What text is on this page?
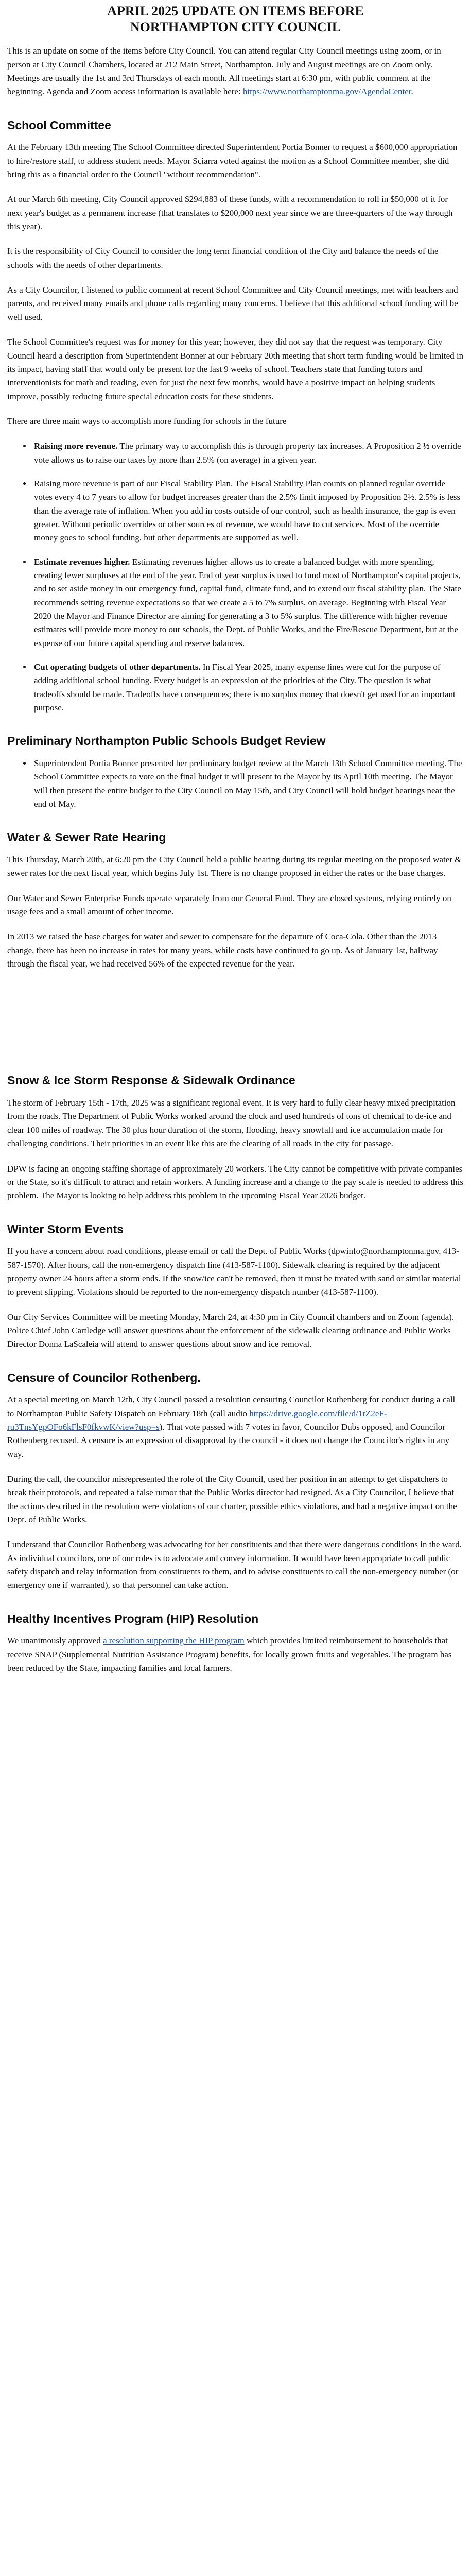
APRIL 2025 UPDATE ON ITEMS BEFORE
NORTHAMPTON CITY COUNCIL

This is an update on some of the items before City Council. You can attend regular City Council meetings using zoom, or in person at City Council Chambers, located at 212 Main Street, Northampton. July and August meetings are on Zoom only. Meetings are usually the 1st and 3rd Thursdays of each month. All meetings start at 6:30 pm, with public comment at the beginning. Agenda and Zoom access information is available here: https://www.northamptonma.gov/AgendaCenter.

School Committee

At the February 13th meeting The School Committee directed Superintendent Portia Bonner to request a $600,000 appropriation to hire/restore staff, to address student needs. Mayor Sciarra voted against the motion as a School Committee member, she did bring this as a financial order to the Council "without recommendation".

At our March 6th meeting, City Council approved $294,883 of these funds, with a recommendation to roll in $50,000 of it for next year's budget as a permanent increase (that translates to $200,000 next year since we are three-quarters of the way through this year).

It is the responsibility of City Council to consider the long term financial condition of the City and balance the needs of the schools with the needs of other departments.

As a City Councilor, I listened to public comment at recent School Committee and City Council meetings, met with teachers and parents, and received many emails and phone calls regarding many concerns. I believe that this additional school funding will be well used.

The School Committee's request was for money for this year; however, they did not say that the request was temporary. City Council heard a description from Superintendent Bonner at our February 20th meeting that short term funding would be limited in its impact, having staff that would only be present for the last 9 weeks of school. Teachers state that funding tutors and interventionists for math and reading, even for just the next few months, would have a positive impact on helping students improve, possibly reducing future special education costs for these students.

There are three main ways to accomplish more funding for schools in the future

• Raising more revenue. The primary way to accomplish this is through property tax increases. A Proposition 2 ½ override vote allows us to raise our taxes by more than 2.5% (on average) in a given year.
• Raising more revenue is part of our Fiscal Stability Plan. The Fiscal Stability Plan counts on planned regular override votes every 4 to 7 years to allow for budget increases greater than the 2.5% limit imposed by Proposition 2½. 2.5% is less than the average rate of inflation. When you add in costs outside of our control, such as health insurance, the gap is even greater. Without periodic overrides or other sources of revenue, we would have to cut services. Most of the override money goes to school funding, but other departments are supported as well.
• Estimate revenues higher. Estimating revenues higher allows us to create a balanced budget with more spending, creating fewer surpluses at the end of the year. End of year surplus is used to fund most of Northampton's capital projects, and to set aside money in our emergency fund, capital fund, climate fund, and to extend our fiscal stability plan. The State recommends setting revenue expectations so that we create a 5 to 7% surplus, on average. Beginning with Fiscal Year 2020 the Mayor and Finance Director are aiming for generating a 3 to 5% surplus. The difference with higher revenue estimates will provide more money to our schools, the Dept. of Public Works, and the Fire/Rescue Department, but at the expense of our future capital spending and reserve balances.
• Cut operating budgets of other departments. In Fiscal Year 2025, many expense lines were cut for the purpose of adding additional school funding. Every budget is an expression of the priorities of the City. The question is what tradeoffs should be made. Tradeoffs have consequences; there is no surplus money that doesn't get used for an important purpose.
Preliminary Northampton Public Schools Budget Review
• Superintendent Portia Bonner presented her preliminary budget review at the March 13th School Committee meeting. The School Committee expects to vote on the final budget it will present to the Mayor by its April 10th meeting. The Mayor will then present the entire budget to the City Council on May 15th, and City Council will hold budget hearings near the end of May.
Water & Sewer Rate Hearing

This Thursday, March 20th, at 6:20 pm the City Council held a public hearing during its regular meeting on the proposed water & sewer rates for the next fiscal year, which begins July 1st. There is no change proposed in either the rates or the base charges.

Our Water and Sewer Enterprise Funds operate separately from our General Fund. They are closed systems, relying entirely on usage fees and a small amount of other income.

In 2013 we raised the base charges for water and sewer to compensate for the departure of Coca-Cola. Other than the 2013 change, there has been no increase in rates for many years, while costs have continued to go up. As of January 1st, halfway through the fiscal year, we had received 56% of the expected revenue for the year.

Snow & Ice Storm Response & Sidewalk Ordinance

The storm of February 15th - 17th, 2025 was a significant regional event. It is very hard to fully clear heavy mixed precipitation from the roads. The Department of Public Works worked around the clock and used hundreds of tons of chemical to de-ice and clear 100 miles of roadway. The 30 plus hour duration of the storm, flooding, heavy snowfall and ice accumulation made for challenging conditions. Their priorities in an event like this are the clearing of all roads in the city for passage.

DPW is facing an ongoing staffing shortage of approximately 20 workers. The City cannot be competitive with private companies or the State, so it's difficult to attract and retain workers. A funding increase and a change to the pay scale is needed to address this problem. The Mayor is looking to help address this problem in the upcoming Fiscal Year 2026 budget.

Winter Storm Events

If you have a concern about road conditions, please email or call the Dept. of Public Works (dpwinfo@northamptonma.gov, 413-587-1570). After hours, call the non-emergency dispatch line (413-587-1100). Sidewalk clearing is required by the adjacent property owner 24 hours after a storm ends. If the snow/ice can't be removed, then it must be treated with sand or similar material to prevent slipping. Violations should be reported to the non-emergency dispatch number (413-587-1100).

Our City Services Committee will be meeting Monday, March 24, at 4:30 pm in City Council chambers and on Zoom (agenda). Police Chief John Cartledge will answer questions about the enforcement of the sidewalk clearing ordinance and Public Works Director Donna LaScaleia will attend to answer questions about snow and ice removal.

Censure of Councilor Rothenberg.

At a special meeting on March 12th, City Council passed a resolution censuring Councilor Rothenberg for conduct during a call to Northampton Public Safety Dispatch on February 18th (call audio https://drive.google.com/file/d/1rZ2eF-ru3TnsYgpOFo6kFlsF0fkvwK/view?usp=s). That vote passed with 7 votes in favor, Councilor Dubs opposed, and Councilor Rothenberg recused. A censure is an expression of disapproval by the council - it does not change the Councilor's rights in any way.

During the call, the councilor misrepresented the role of the City Council, used her position in an attempt to get dispatchers to break their protocols, and repeated a false rumor that the Public Works director had resigned. As a City Councilor, I believe that the actions described in the resolution were violations of our charter, possible ethics violations, and had a negative impact on the Dept. of Public Works.

I understand that Councilor Rothenberg was advocating for her constituents and that there were dangerous conditions in the ward. As individual councilors, one of our roles is to advocate and convey information. It would have been appropriate to call public safety dispatch and relay information from constituents to them, and to advise constituents to call the non-emergency number (or emergency one if warranted), so that personnel can take action.

Healthy Incentives Program (HIP) Resolution

We unanimously approved a resolution supporting the HIP program which provides limited reimbursement to households that receive SNAP (Supplemental Nutrition Assistance Program) benefits, for locally grown fruits and vegetables. The program has been reduced by the State, impacting families and local farmers.
